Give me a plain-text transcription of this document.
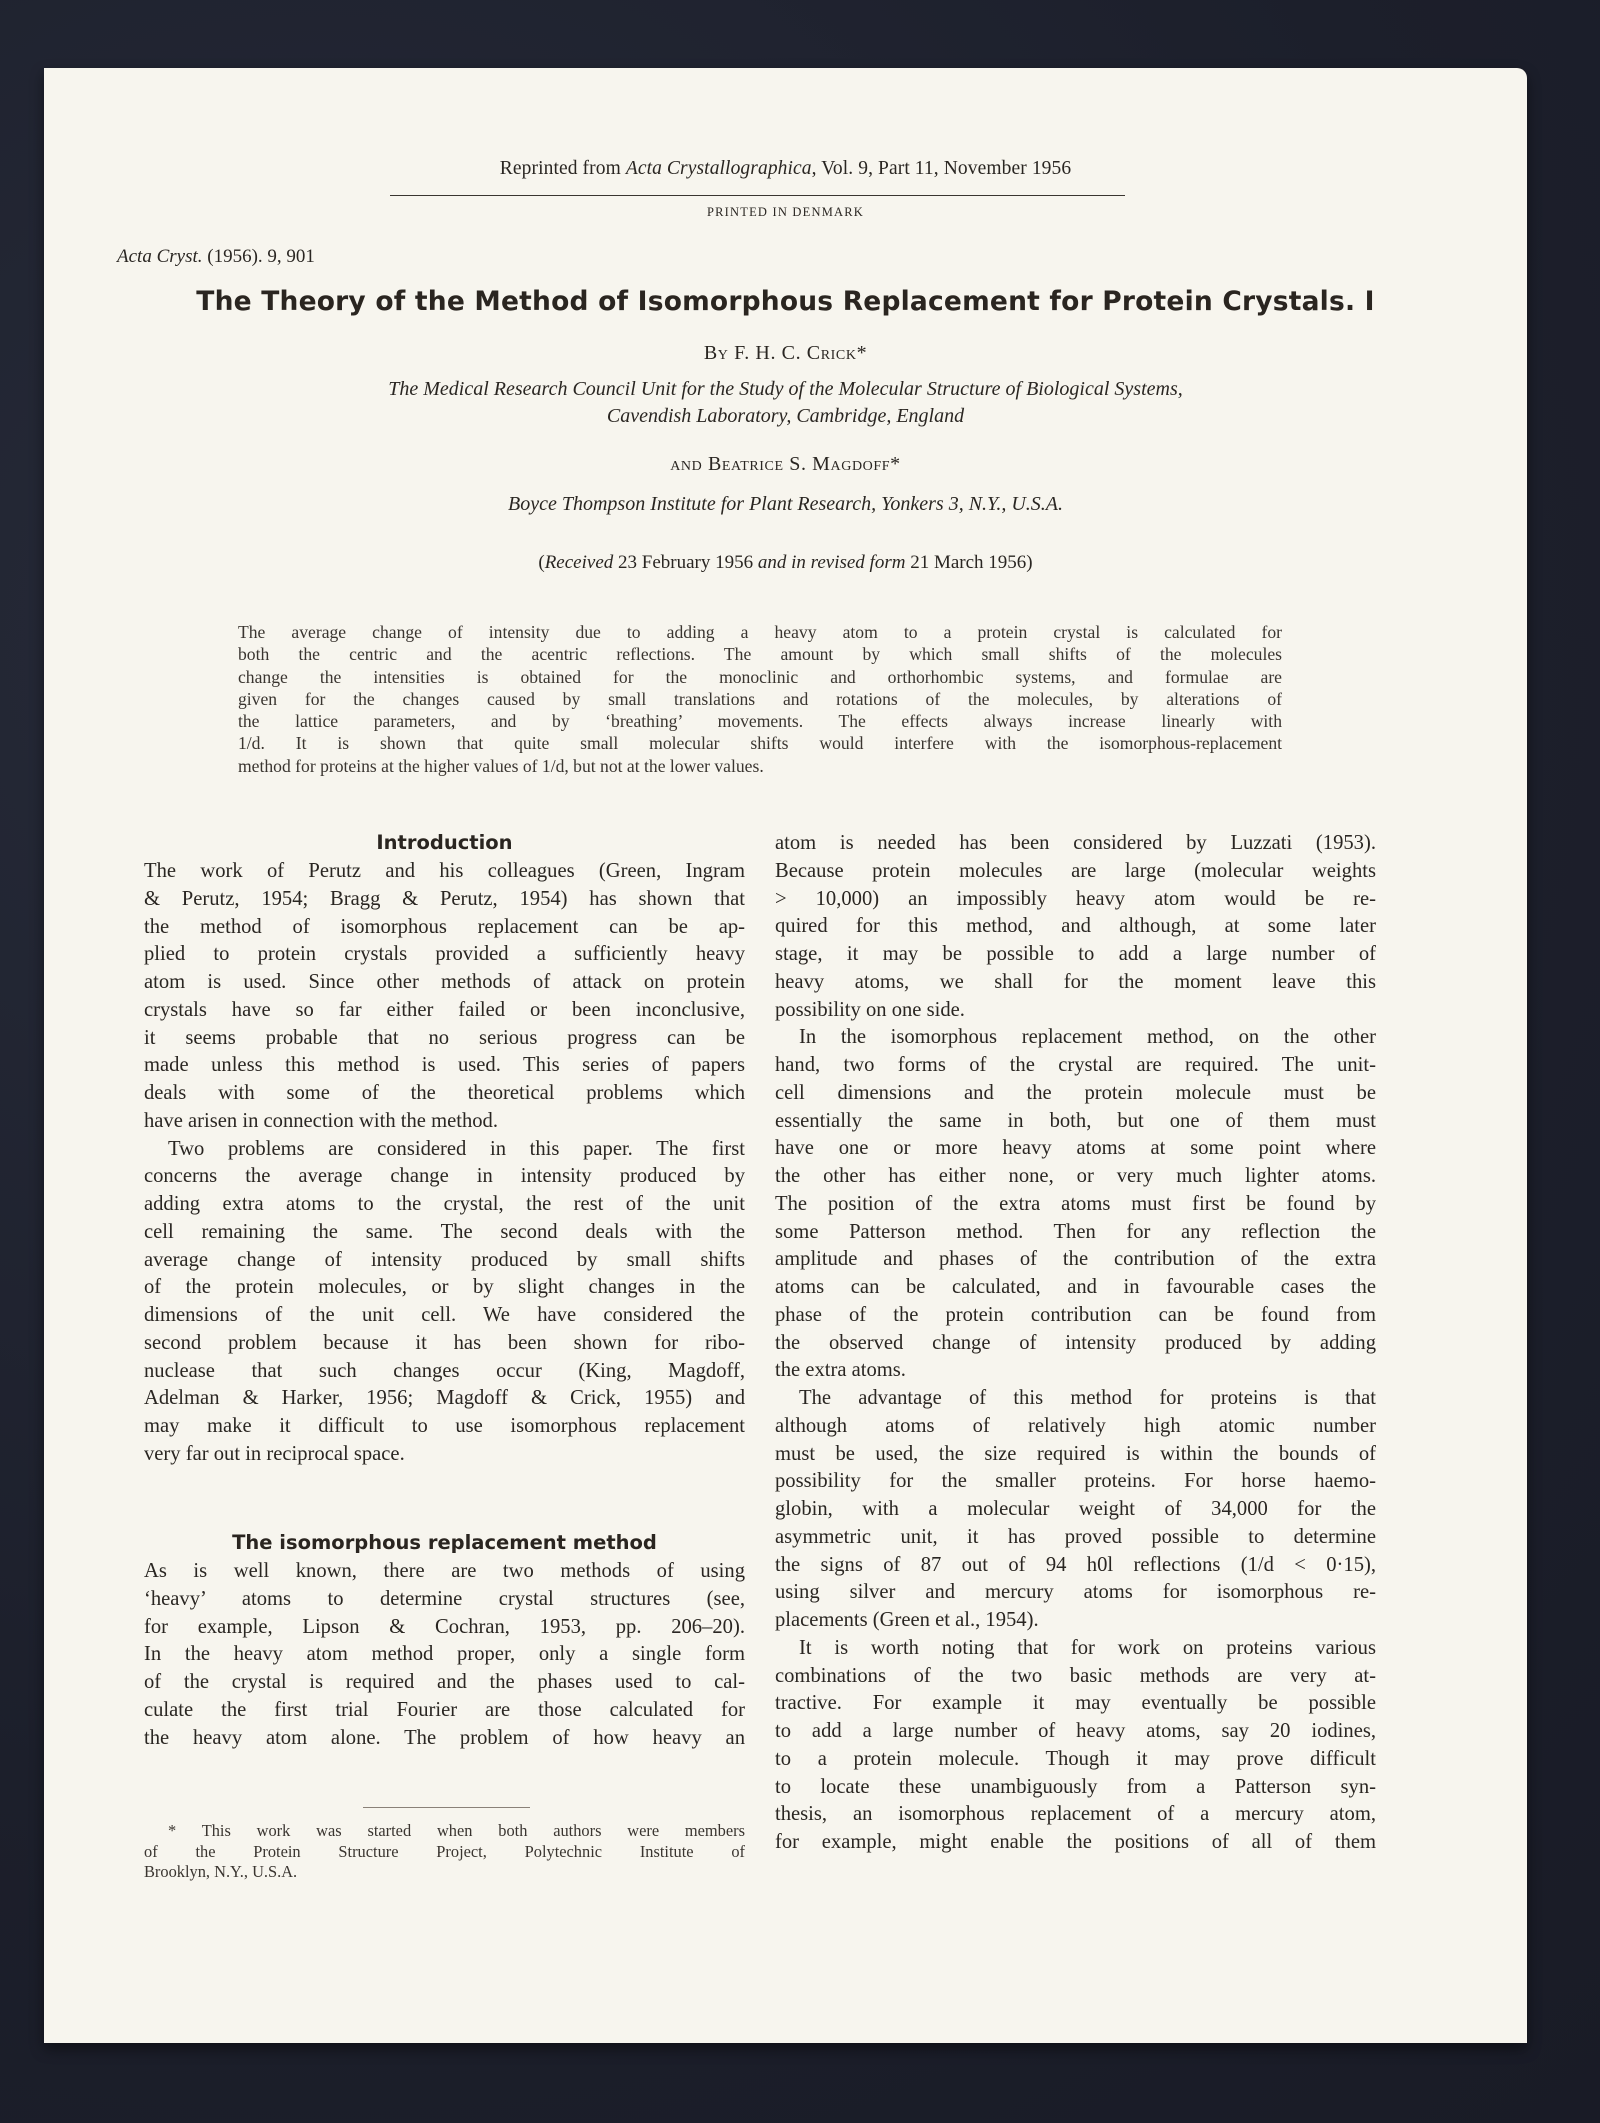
Reprinted from Acta Crystallographica, Vol. 9, Part 11, November 1956
PRINTED IN DENMARK
Acta Cryst. (1956). 9, 901
The Theory of the Method of Isomorphous Replacement for Protein Crystals. I
By F. H. C. Crick*
The Medical Research Council Unit for the Study of the Molecular Structure of Biological Systems,
Cavendish Laboratory, Cambridge, England
and Beatrice S. Magdoff*
Boyce Thompson Institute for Plant Research, Yonkers 3, N.Y., U.S.A.
(Received 23 February 1956 and in revised form 21 March 1956)
The average change of intensity due to adding a heavy atom to a protein crystal is calculated for
both the centric and the acentric reflections. The amount by which small shifts of the molecules
change the intensities is obtained for the monoclinic and orthorhombic systems, and formulae are
given for the changes caused by small translations and rotations of the molecules, by alterations of
the lattice parameters, and by ‘breathing’ movements. The effects always increase linearly with
1/d. It is shown that quite small molecular shifts would interfere with the isomorphous-replacement
method for proteins at the higher values of 1/d, but not at the lower values.
Introduction
The work of Perutz and his colleagues (Green, Ingram
& Perutz, 1954; Bragg & Perutz, 1954) has shown that
the method of isomorphous replacement can be ap-
plied to protein crystals provided a sufficiently heavy
atom is used. Since other methods of attack on protein
crystals have so far either failed or been inconclusive,
it seems probable that no serious progress can be
made unless this method is used. This series of papers
deals with some of the theoretical problems which
have arisen in connection with the method.
Two problems are considered in this paper. The first
concerns the average change in intensity produced by
adding extra atoms to the crystal, the rest of the unit
cell remaining the same. The second deals with the
average change of intensity produced by small shifts
of the protein molecules, or by slight changes in the
dimensions of the unit cell. We have considered the
second problem because it has been shown for ribo-
nuclease that such changes occur (King, Magdoff,
Adelman & Harker, 1956; Magdoff & Crick, 1955) and
may make it difficult to use isomorphous replacement
very far out in reciprocal space.
The isomorphous replacement method
As is well known, there are two methods of using
‘heavy’ atoms to determine crystal structures (see,
for example, Lipson & Cochran, 1953, pp. 206–20).
In the heavy atom method proper, only a single form
of the crystal is required and the phases used to cal-
culate the first trial Fourier are those calculated for
the heavy atom alone. The problem of how heavy an
* This work was started when both authors were members
of the Protein Structure Project, Polytechnic Institute of
Brooklyn, N.Y., U.S.A.
atom is needed has been considered by Luzzati (1953).
Because protein molecules are large (molecular weights
> 10,000) an impossibly heavy atom would be re-
quired for this method, and although, at some later
stage, it may be possible to add a large number of
heavy atoms, we shall for the moment leave this
possibility on one side.
In the isomorphous replacement method, on the other
hand, two forms of the crystal are required. The unit-
cell dimensions and the protein molecule must be
essentially the same in both, but one of them must
have one or more heavy atoms at some point where
the other has either none, or very much lighter atoms.
The position of the extra atoms must first be found by
some Patterson method. Then for any reflection the
amplitude and phases of the contribution of the extra
atoms can be calculated, and in favourable cases the
phase of the protein contribution can be found from
the observed change of intensity produced by adding
the extra atoms.
The advantage of this method for proteins is that
although atoms of relatively high atomic number
must be used, the size required is within the bounds of
possibility for the smaller proteins. For horse haemo-
globin, with a molecular weight of 34,000 for the
asymmetric unit, it has proved possible to determine
the signs of 87 out of 94 h0l reflections (1/d < 0·15),
using silver and mercury atoms for isomorphous re-
placements (Green et al., 1954).
It is worth noting that for work on proteins various
combinations of the two basic methods are very at-
tractive. For example it may eventually be possible
to add a large number of heavy atoms, say 20 iodines,
to a protein molecule. Though it may prove difficult
to locate these unambiguously from a Patterson syn-
thesis, an isomorphous replacement of a mercury atom,
for example, might enable the positions of all of them
